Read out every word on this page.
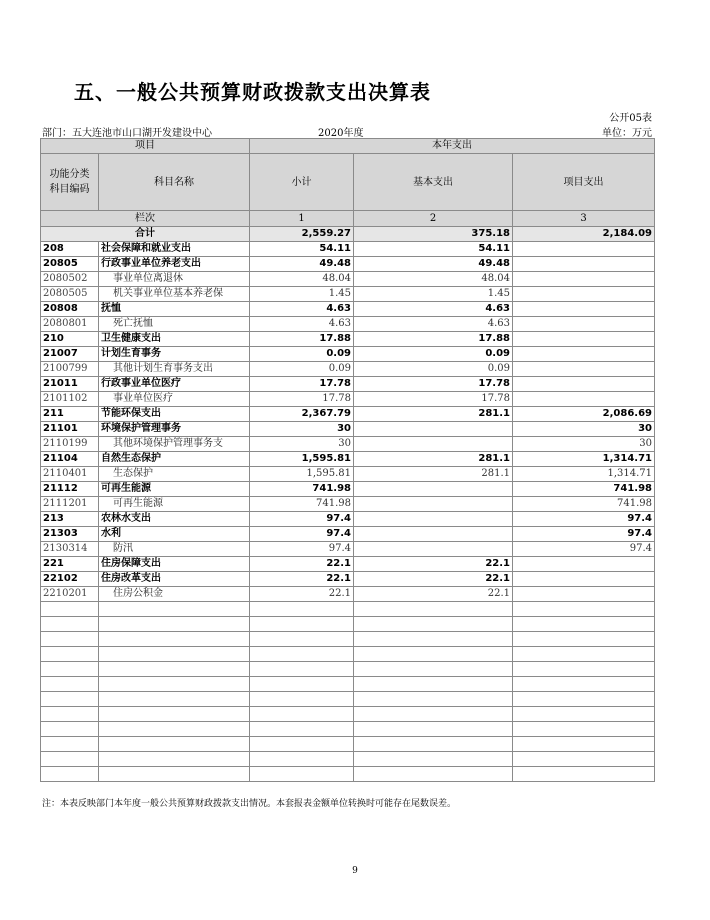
五、一般公共预算财政拨款支出决算表
公开05表
部门：五大连池市山口湖开发建设中心	2020年度	单位：万元
项目		本年支出		
功能分类
科目编码	科目名称	小计	基本支出	项目支出
栏次		1	2	3
合计		2,559.27	375.18	2,184.09
208	社会保障和就业支出	54.11	54.11	
20805	行政事业单位养老支出	49.48	49.48	
2080502	事业单位离退休	48.04	48.04	
2080505	机关事业单位基本养老保	1.45	1.45	
20808	抚恤	4.63	4.63	
2080801	死亡抚恤	4.63	4.63	
210	卫生健康支出	17.88	17.88	
21007	计划生育事务	0.09	0.09	
2100799	其他计划生育事务支出	0.09	0.09	
21011	行政事业单位医疗	17.78	17.78	
2101102	事业单位医疗	17.78	17.78	
211	节能环保支出	2,367.79	281.1	2,086.69
21101	环境保护管理事务	30		30
2110199	其他环境保护管理事务支	30		30
21104	自然生态保护	1,595.81	281.1	1,314.71
2110401	生态保护	1,595.81	281.1	1,314.71
21112	可再生能源	741.98		741.98
2111201	可再生能源	741.98		741.98
213	农林水支出	97.4		97.4
21303	水利	97.4		97.4
2130314	防汛	97.4		97.4
221	住房保障支出	22.1	22.1	
22102	住房改革支出	22.1	22.1	
2210201	住房公积金	22.1	22.1	

注：本表反映部门本年度一般公共预算财政拨款支出情况。本套报表金额单位转换时可能存在尾数误差。
9
